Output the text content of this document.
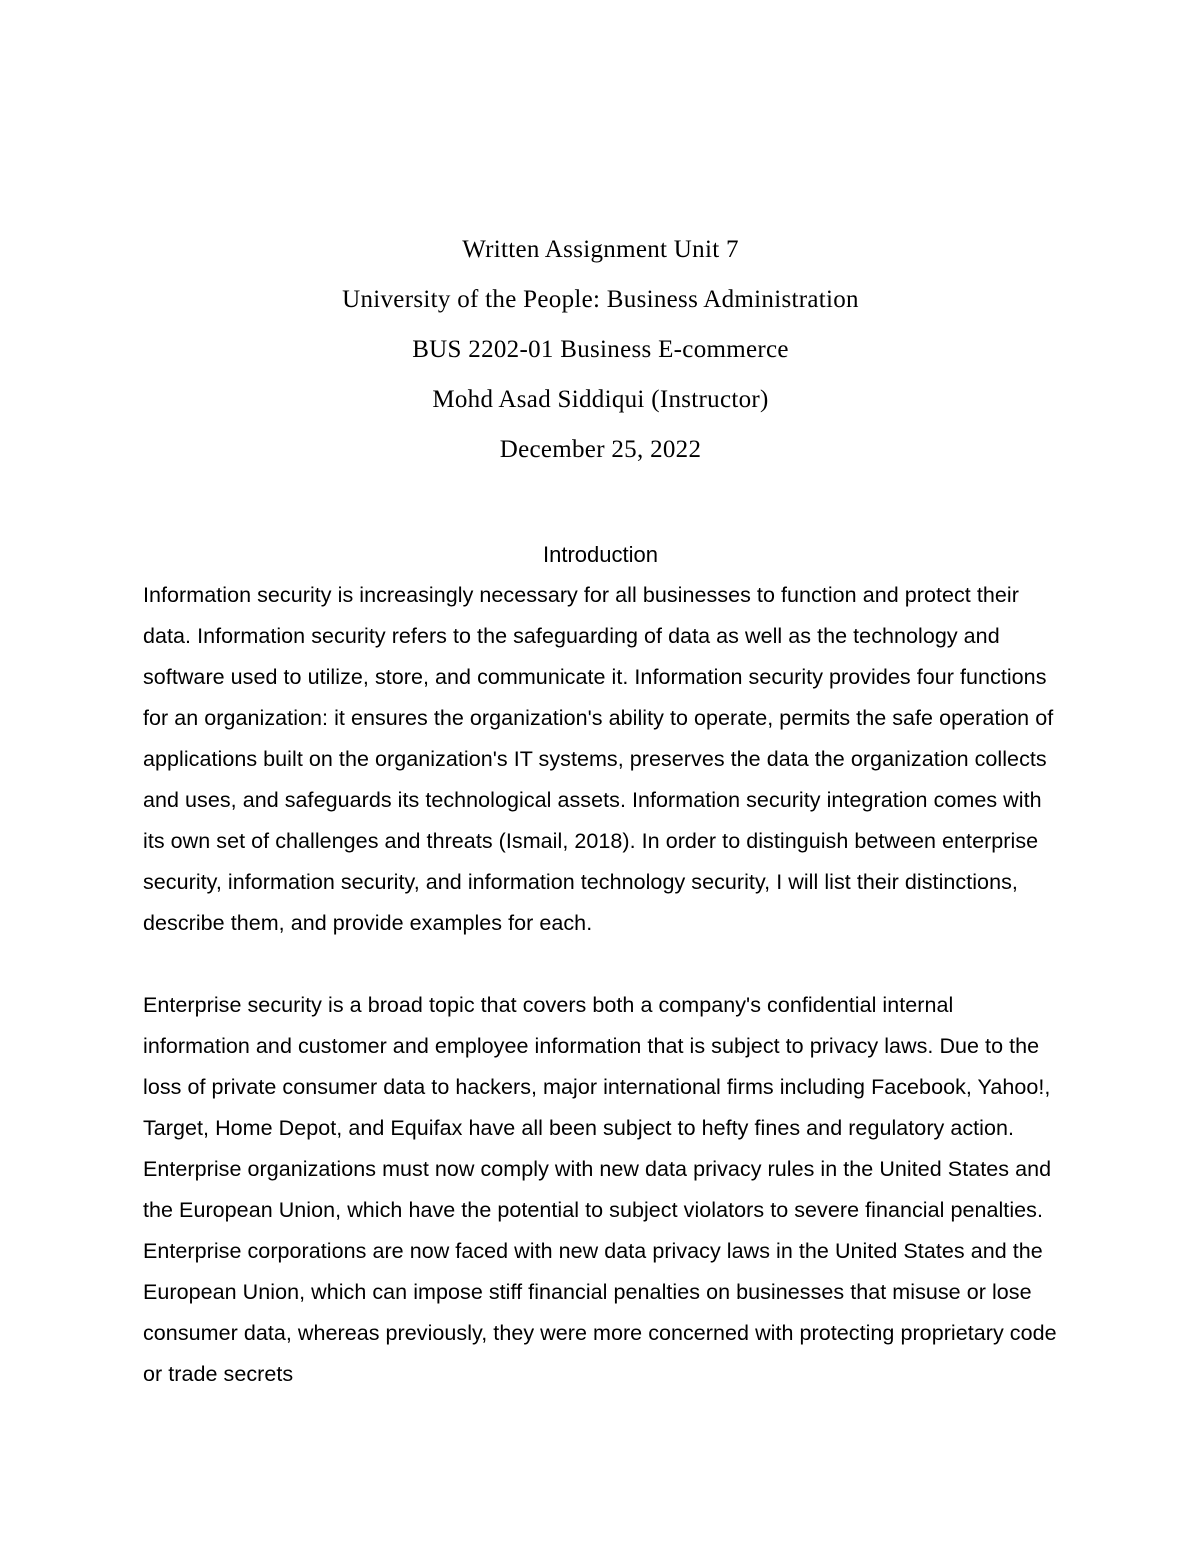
Written Assignment Unit 7
University of the People: Business Administration
BUS 2202-01 Business E-commerce
Mohd Asad Siddiqui (Instructor)
December 25, 2022
Introduction

Information security is increasingly necessary for all businesses to function and protect their data. Information security refers to the safeguarding of data as well as the technology and software used to utilize, store, and communicate it. Information security provides four functions for an organization: it ensures the organization's ability to operate, permits the safe operation of applications built on the organization's IT systems, preserves the data the organization collects and uses, and safeguards its technological assets. Information security integration comes with its own set of challenges and threats (Ismail, 2018). In order to distinguish between enterprise security, information security, and information technology security, I will list their distinctions, describe them, and provide examples for each.

Enterprise security is a broad topic that covers both a company's confidential internal information and customer and employee information that is subject to privacy laws. Due to the loss of private consumer data to hackers, major international firms including Facebook, Yahoo!, Target, Home Depot, and Equifax have all been subject to hefty fines and regulatory action. Enterprise organizations must now comply with new data privacy rules in the United States and the European Union, which have the potential to subject violators to severe financial penalties. Enterprise corporations are now faced with new data privacy laws in the United States and the European Union, which can impose stiff financial penalties on businesses that misuse or lose consumer data, whereas previously, they were more concerned with protecting proprietary code or trade secrets
